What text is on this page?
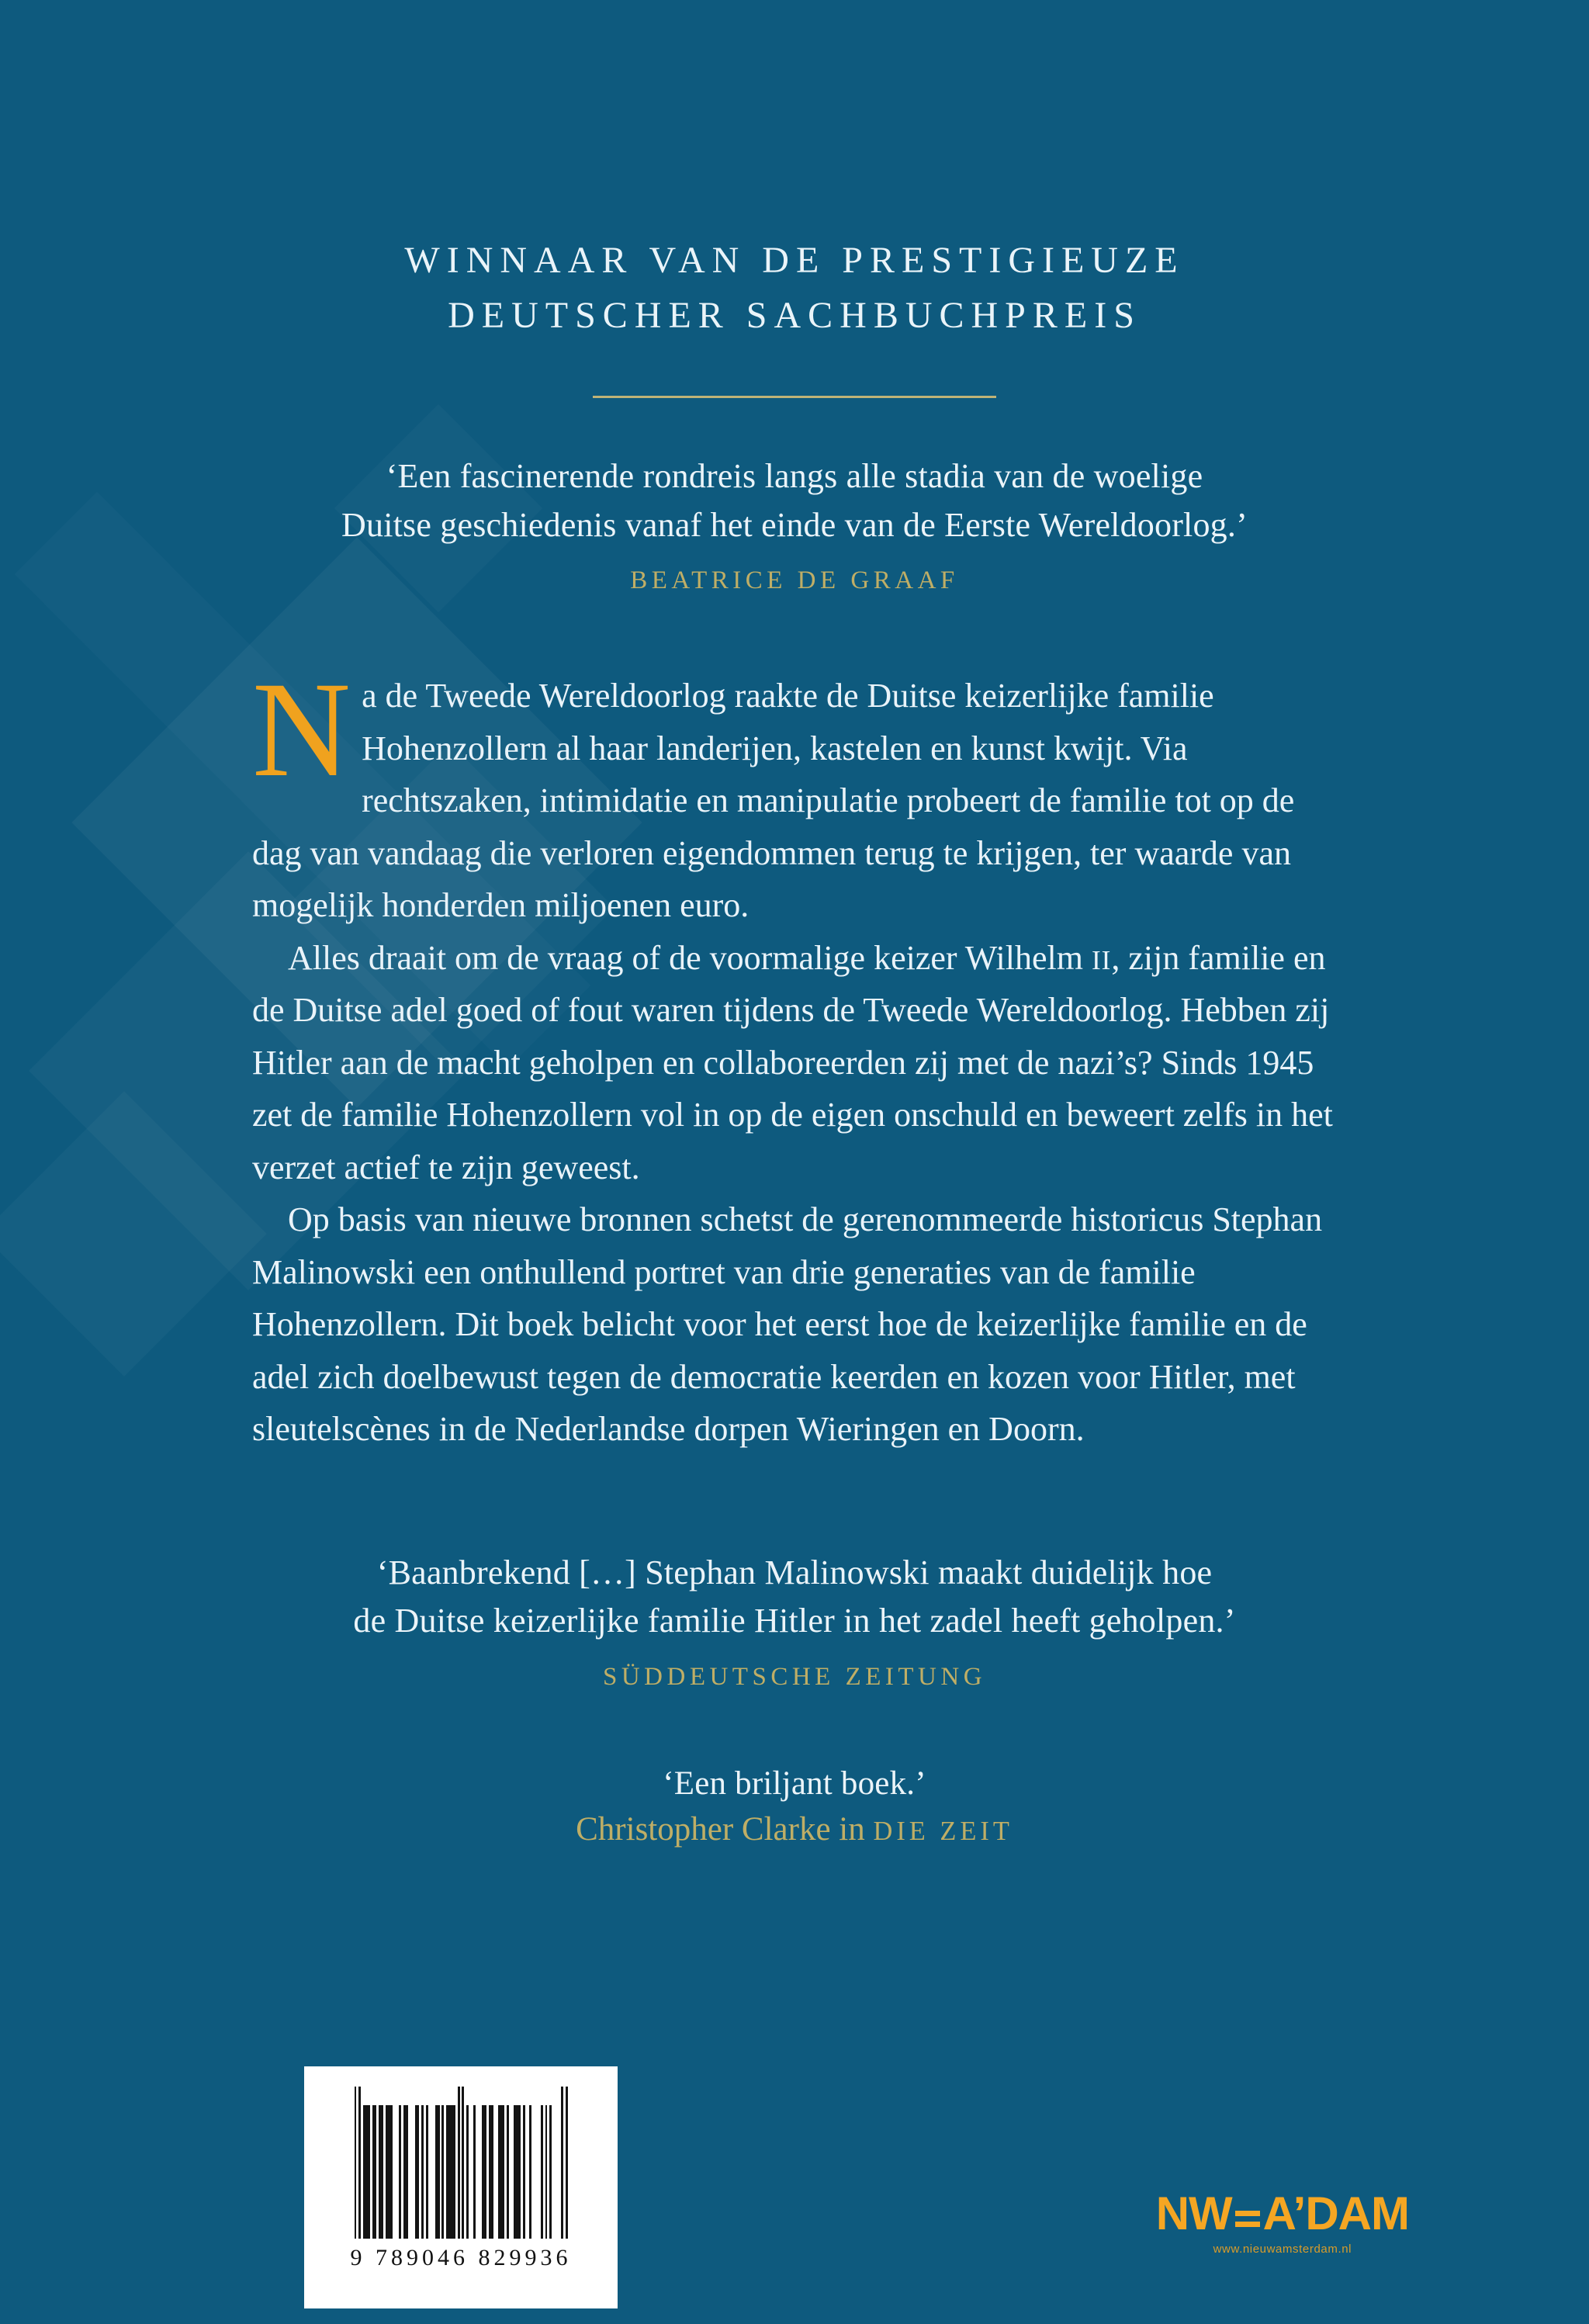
WINNAAR VAN DE PRESTIGIEUZE
DEUTSCHER SACHBUCHPREIS
‘Een fascinerende rondreis langs alle stadia van de woelige
Duitse geschiedenis vanaf het einde van de Eerste Wereldoorlog.’
BEATRICE DE GRAAF

Na de Tweede Wereldoorlog raakte de Duitse keizerlijke familie Hohenzollern al haar landerijen, kastelen en kunst kwijt. Via rechtszaken, intimidatie en manipulatie probeert de familie tot op de dag van vandaag die verloren eigendommen terug te krijgen, ter waarde van mogelijk honderden miljoenen euro.

Alles draait om de vraag of de voormalige keizer Wilhelm II, zijn familie en de Duitse adel goed of fout waren tijdens de Tweede Wereldoorlog. Hebben zij Hitler aan de macht geholpen en collaboreerden zij met de nazi’s? Sinds 1945 zet de familie Hohenzollern vol in op de eigen onschuld en beweert zelfs in het verzet actief te zijn geweest.

Op basis van nieuwe bronnen schetst de gerenommeerde historicus Stephan Malinowski een onthullend portret van drie generaties van de familie Hohenzollern. Dit boek belicht voor het eerst hoe de keizerlijke familie en de adel zich doelbewust tegen de democratie keerden en kozen voor Hitler, met sleutelscènes in de Nederlandse dorpen Wieringen en Doorn.

‘Baanbrekend […] Stephan Malinowski maakt duidelijk hoe
de Duitse keizerlijke familie Hitler in het zadel heeft geholpen.’
SÜDDEUTSCHE ZEITUNG
‘Een briljant boek.’
Christopher Clarke in DIE ZEIT
9 789046 829936
NW A’DAM
www.nieuwamsterdam.nl
